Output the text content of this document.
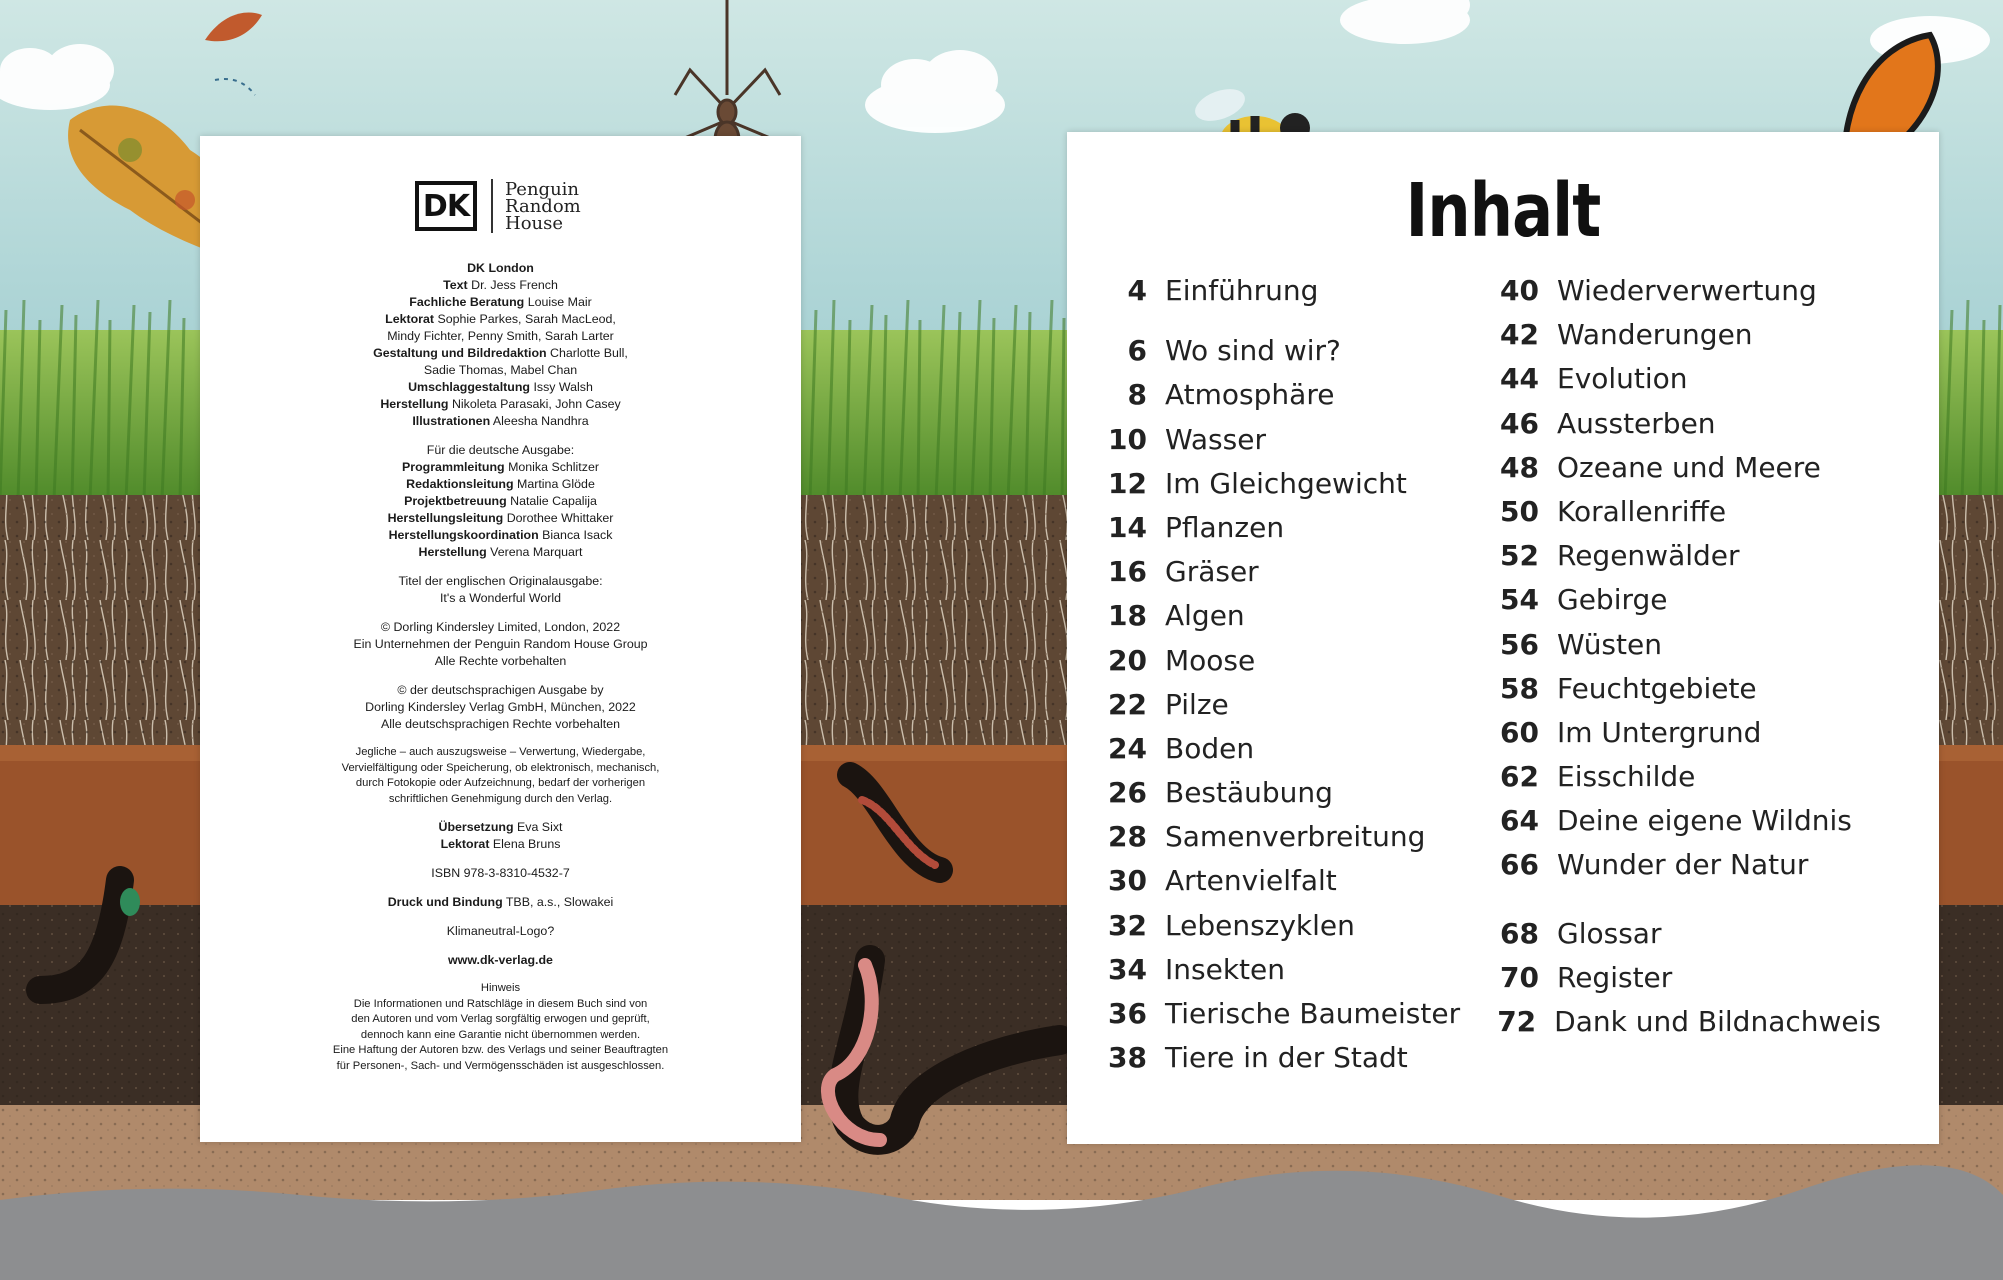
DK	Penguin
Random
House

DK London
Text Dr. Jess French
Fachliche Beratung Louise Mair
Lektorat Sophie Parkes, Sarah MacLeod,
Mindy Fichter, Penny Smith, Sarah Larter
Gestaltung und Bildredaktion Charlotte Bull,
Sadie Thomas, Mabel Chan
Umschlaggestaltung Issy Walsh
Herstellung Nikoleta Parasaki, John Casey
Illustrationen Aleesha Nandhra

Für die deutsche Ausgabe:
Programmleitung Monika Schlitzer
Redaktionsleitung Martina Glöde
Projektbetreuung Natalie Capalija
Herstellungsleitung Dorothee Whittaker
Herstellungskoordination Bianca Isack
Herstellung Verena Marquart

Titel der englischen Originalausgabe:
It's a Wonderful World

© Dorling Kindersley Limited, London, 2022
Ein Unternehmen der Penguin Random House Group
Alle Rechte vorbehalten

© der deutschsprachigen Ausgabe by
Dorling Kindersley Verlag GmbH, München, 2022
Alle deutschsprachigen Rechte vorbehalten

Jegliche – auch auszugsweise – Verwertung, Wiedergabe,
Vervielfältigung oder Speicherung, ob elektronisch, mechanisch,
durch Fotokopie oder Aufzeichnung, bedarf der vorherigen
schriftlichen Genehmigung durch den Verlag.

Übersetzung Eva Sixt
Lektorat Elena Bruns

ISBN 978-3-8310-4532-7

Druck und Bindung TBB, a.s., Slowakei

Klimaneutral-Logo?

www.dk-verlag.de

Hinweis
Die Informationen und Ratschläge in diesem Buch sind von
den Autoren und vom Verlag sorgfältig erwogen und geprüft,
dennoch kann eine Garantie nicht übernommen werden.
Eine Haftung der Autoren bzw. des Verlags und seiner Beauftragten
für Personen-, Sach- und Vermögensschäden ist ausgeschlossen.

Inhalt
4 Einführung
6 Wo sind wir?
8 Atmosphäre
10 Wasser
12 Im Gleichgewicht
14 Pflanzen
16 Gräser
18 Algen
20 Moose
22 Pilze
24 Boden
26 Bestäubung
28 Samenverbreitung
30 Artenvielfalt
32 Lebenszyklen
34 Insekten
36 Tierische Baumeister
38 Tiere in der Stadt
40 Wiederverwertung
42 Wanderungen
44 Evolution
46 Aussterben
48 Ozeane und Meere
50 Korallenriffe
52 Regenwälder
54 Gebirge
56 Wüsten
58 Feuchtgebiete
60 Im Untergrund
62 Eisschilde
64 Deine eigene Wildnis
66 Wunder der Natur
68 Glossar
70 Register
72 Dank und Bildnachweis
